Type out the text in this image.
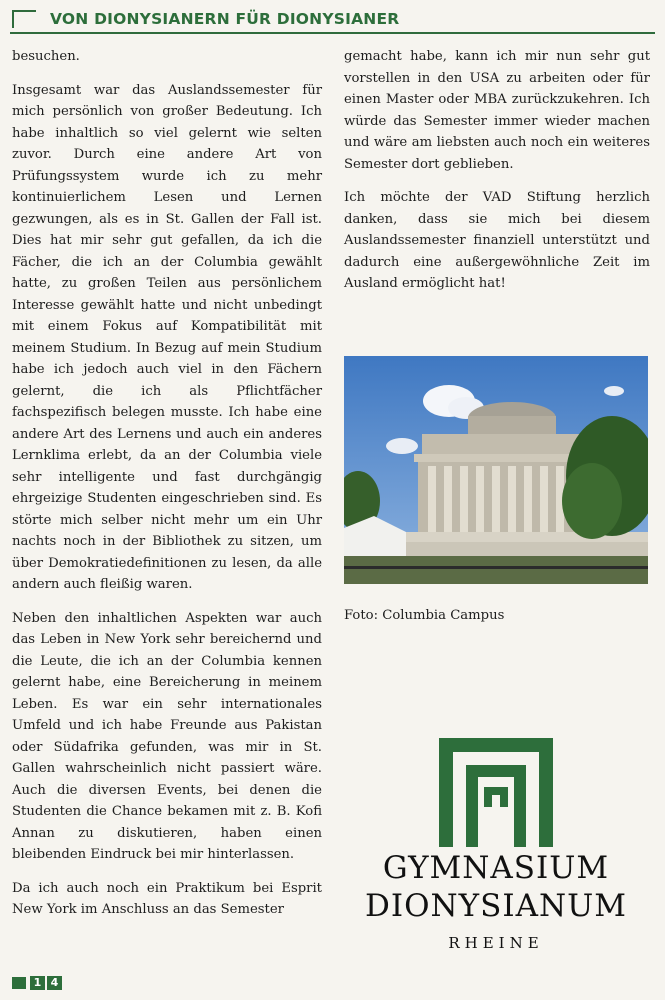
VON DIONYSIANERN FÜR DIONYSIANER

besuchen.

Insgesamt war das Auslandssemester für mich persönlich von großer Bedeutung. Ich habe inhaltlich so viel gelernt wie selten zuvor. Durch eine andere Art von Prüfungssystem wurde ich zu mehr kontinuierlichem Lesen und Lernen gezwungen, als es in St. Gallen der Fall ist. Dies hat mir sehr gut gefallen, da ich die Fächer, die ich an der Columbia gewählt hatte, zu großen Teilen aus persönlichem Interesse gewählt hatte und nicht unbedingt mit einem Fokus auf Kompatibilität mit meinem Studium. In Bezug auf mein Studium habe ich jedoch auch viel in den Fächern gelernt, die ich als Pflichtfächer fachspezifisch belegen musste. Ich habe eine andere Art des Lernens und auch ein anderes Lernklima erlebt, da an der Columbia viele sehr intelligente und fast durchgängig ehrgeizige Studenten eingeschrieben sind. Es störte mich selber nicht mehr um ein Uhr nachts noch in der Bibliothek zu sitzen, um über Demokratiedefinitionen zu lesen, da alle andern auch fleißig waren.

Neben den inhaltlichen Aspekten war auch das Leben in New York sehr bereichernd und die Leute, die ich an der Columbia kennen gelernt habe, eine Bereicherung in meinem Leben. Es war ein sehr internationales Umfeld und ich habe Freunde aus Pakistan oder Südafrika gefunden, was mir in St. Gallen wahrscheinlich nicht passiert wäre. Auch die diversen Events, bei denen die Studenten die Chance bekamen mit z. B. Kofi Annan zu diskutieren, haben einen bleibenden Eindruck bei mir hinterlassen.

Da ich auch noch ein Praktikum bei Esprit New York im Anschluss an das Semester

gemacht habe, kann ich mir nun sehr gut vorstellen in den USA zu arbeiten oder für einen Master oder MBA zurückzukehren. Ich würde das Semester immer wieder machen und wäre am liebsten auch noch ein weiteres Semester dort geblieben.

Ich möchte der VAD Stiftung herzlich danken, dass sie mich bei diesem Auslandssemester finanziell unterstützt und dadurch eine außergewöhnliche Zeit im Ausland ermöglicht hat!

Foto: Columbia Campus
GYMNASIUM
DIONYSIANUM
RHEINE
1 4
